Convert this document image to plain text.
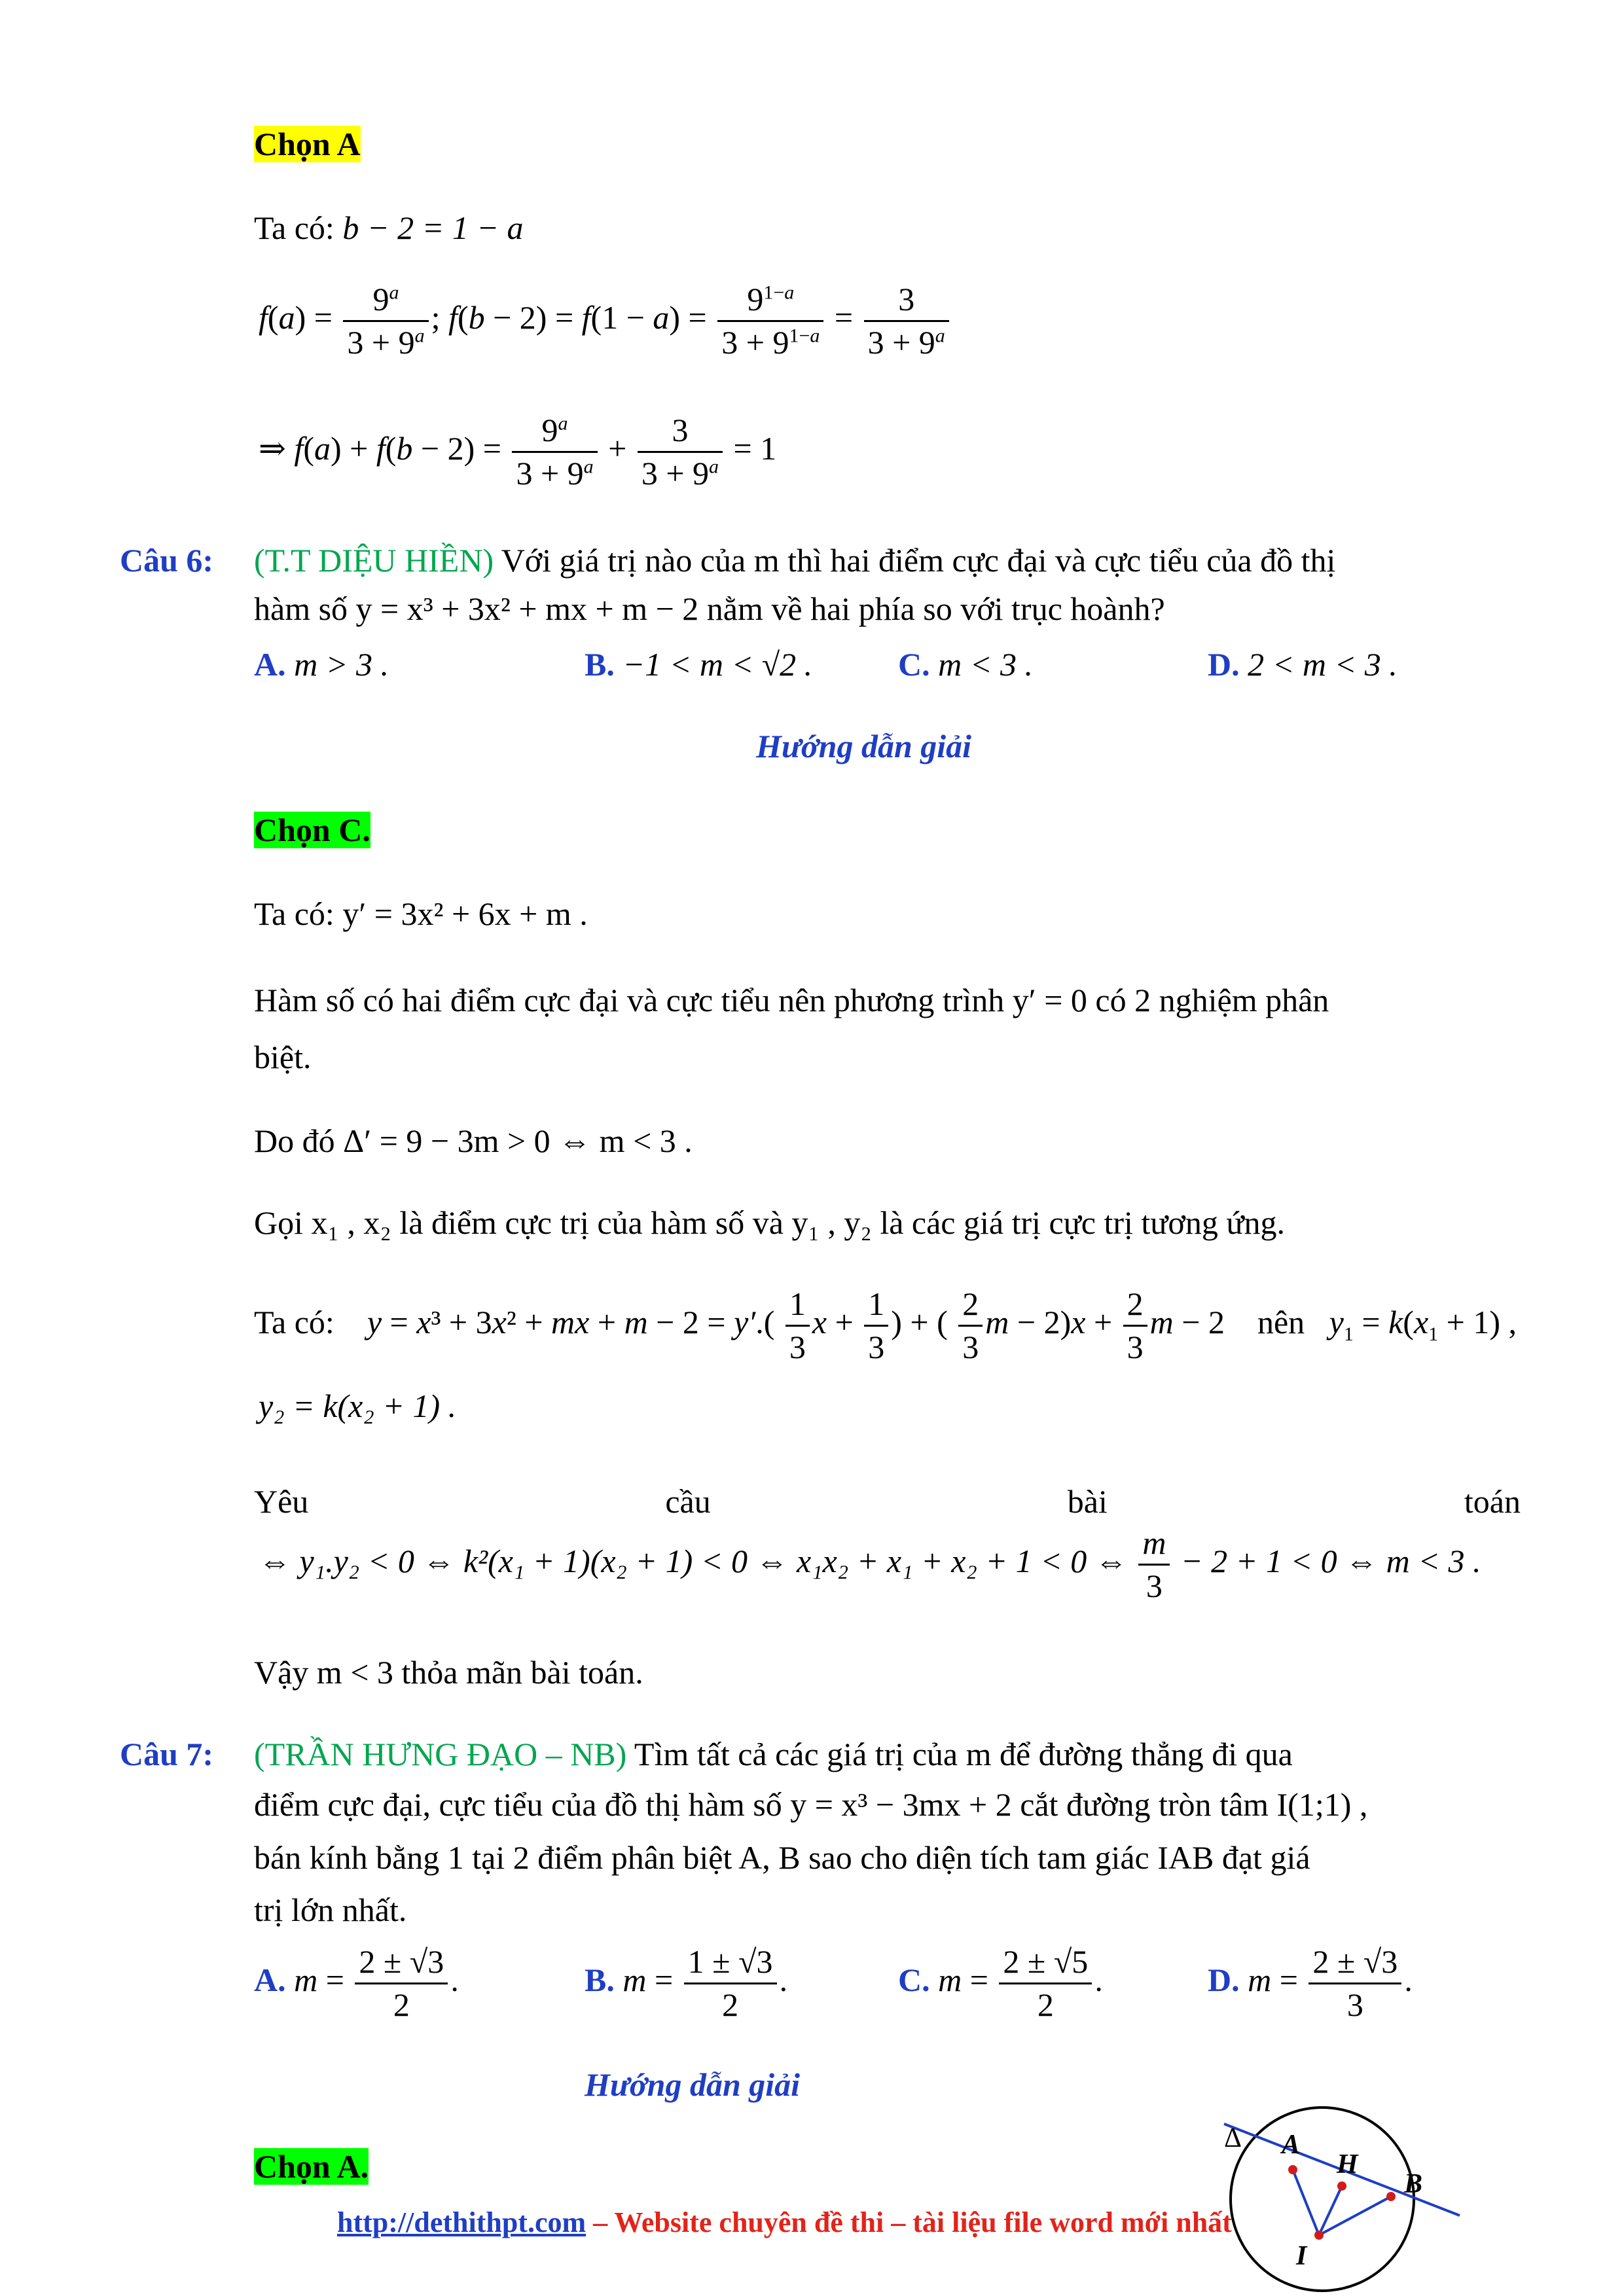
Chọn A
Ta có: b − 2 = 1 − a
$f(a) = \frac{9^a}{3 + 9^a}$ ; $f(b - 2) = f(1 - a) = \frac{9^{1-a}}{3 + 9^{1-a}} = \frac{3}{3 + 9^a}$
⇒ $f(a) + f(b - 2) = \frac{9^a}{3 + 9^a} + \frac{3}{3 + 9^a} = 1$
Câu 6: (T.T DIỆU HIỀN) Với giá trị nào của m thì hai điểm cực đại và cực tiểu của đồ thị
hàm số y = x³ + 3x² + mx + m − 2 nằm về hai phía so với trục hoành?
A. m > 3 .	B. −1 < m < √2 .	C. m < 3 .	D. 2 < m < 3 .
Hướng dẫn giải
Chọn C.
Ta có: y′ = 3x² + 6x + m .
Hàm số có hai điểm cực đại và cực tiểu nên phương trình y′ = 0 có 2 nghiệm phân
biệt.
Do đó Δ′ = 9 − 3m > 0 ⇔ m < 3 .
Gọi x₁ , x₂ là điểm cực trị của hàm số và y₁ , y₂ là các giá trị cực trị tương ứng.
Ta có: y = x³ + 3x² + mx + $m - 2 = y'.( \frac{1}{3}$ $x + \frac{1}{3}$ ) + ( $\frac{2}{3}$ $m - 2)x + \frac{2}{3}$ m − 2    nên $y_1 = k(x_1 + 1)$ ,
y₂ = k(x₂ + 1) .
Yêu	cầu	bài	toán
⇔ y₁.y₂ < 0 ⇔ k²(x₁ + 1)(x₂ + 1) < 0 ⇔ x₁x₂ + x₁ + x₂ + 1 < 0 ⇔ $\frac{m}{3} - 2 + 1 < 0$ ⇔ m < 3 .
Vậy m < 3 thỏa mãn bài toán.
Câu 7: (TRẦN HƯNG ĐẠO – NB) Tìm tất cả các giá trị của m để đường thẳng đi qua
điểm cực đại, cực tiểu của đồ thị hàm số y = x³ − 3mx + 2 cắt đường tròn tâm I(1;1) ,
bán kính bằng 1 tại 2 điểm phân biệt A, B sao cho diện tích tam giác IAB đạt giá
trị lớn nhất.
A. $m = \frac{2 \pm √3}{2}$ .	B. $m = \frac{1 \pm √3}{2}$ .	C. $m = \frac{2 \pm √5}{2}$ .	D. $m = \frac{2 \pm √3}{3}$ .
Hướng dẫn giải
Chọn A.
Δ A
H
B
I
http://dethithpt.com – Website chuyên đề thi – tài liệu file word mới nhất
